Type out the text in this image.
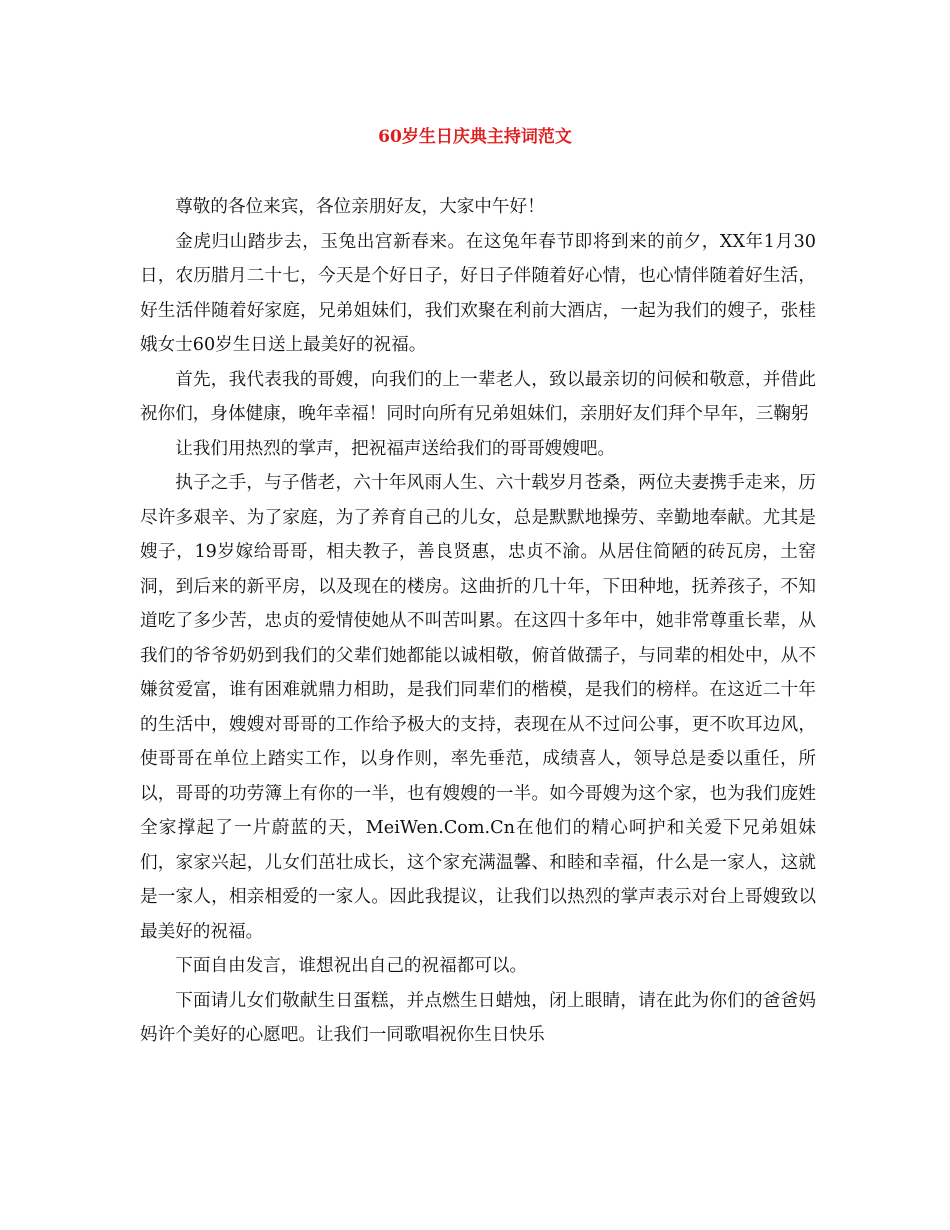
60岁生日庆典主持词范文

尊敬的各位来宾，各位亲朋好友，大家中午好！

金虎归山踏步去，玉兔出宫新春来。在这兔年春节即将到来的前夕，XX年1月30日，农历腊月二十七，今天是个好日子，好日子伴随着好心情，也心情伴随着好生活，好生活伴随着好家庭，兄弟姐妹们，我们欢聚在利前大酒店，一起为我们的嫂子，张桂娥女士60岁生日送上最美好的祝福。

首先，我代表我的哥嫂，向我们的上一辈老人，致以最亲切的问候和敬意，并借此祝你们，身体健康，晚年幸福！同时向所有兄弟姐妹们，亲朋好友们拜个早年，三鞠躬

让我们用热烈的掌声，把祝福声送给我们的哥哥嫂嫂吧。

执子之手，与子偕老，六十年风雨人生、六十载岁月苍桑，两位夫妻携手走来，历尽许多艰辛、为了家庭，为了养育自己的儿女，总是默默地操劳、幸勤地奉献。尤其是嫂子，19岁嫁给哥哥，相夫教子，善良贤惠，忠贞不渝。从居住简陋的砖瓦房，土窑洞，到后来的新平房，以及现在的楼房。这曲折的几十年，下田种地，抚养孩子，不知道吃了多少苦，忠贞的爱情使她从不叫苦叫累。在这四十多年中，她非常尊重长辈，从我们的爷爷奶奶到我们的父辈们她都能以诚相敬，俯首做孺子，与同辈的相处中，从不嫌贫爱富，谁有困难就鼎力相助，是我们同辈们的楷模，是我们的榜样。在这近二十年的生活中，嫂嫂对哥哥的工作给予极大的支持，表现在从不过问公事，更不吹耳边风，使哥哥在单位上踏实工作，以身作则，率先垂范，成绩喜人，领导总是委以重任，所以，哥哥的功劳簿上有你的一半，也有嫂嫂的一半。如今哥嫂为这个家，也为我们庞姓全家撑起了一片蔚蓝的天，MeiWen.Com.Cn在他们的精心呵护和关爱下兄弟姐妹们，家家兴起，儿女们茁壮成长，这个家充满温馨、和睦和幸福，什么是一家人，这就是一家人，相亲相爱的一家人。因此我提议，让我们以热烈的掌声表示对台上哥嫂致以最美好的祝福。

下面自由发言，谁想祝出自己的祝福都可以。

下面请儿女们敬献生日蛋糕，并点燃生日蜡烛，闭上眼睛，请在此为你们的爸爸妈妈许个美好的心愿吧。让我们一同歌唱祝你生日快乐
